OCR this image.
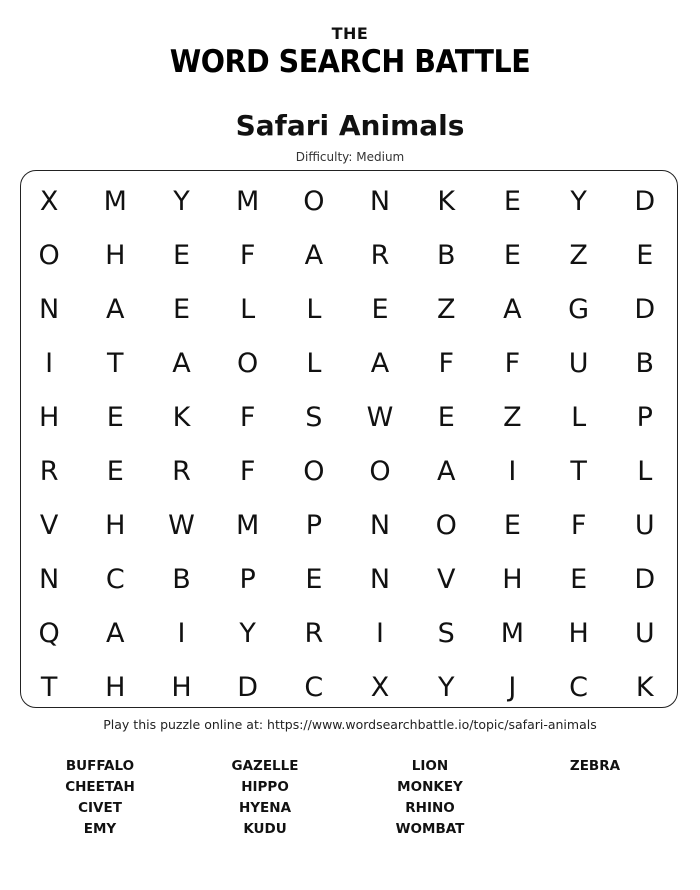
THE
WORD SEARCH BATTLE
Safari Animals
Difficulty: Medium
X	M	Y	M	O	N	K	E	Y	D
O	H	E	F	A	R	B	E	Z	E
N	A	E	L	L	E	Z	A	G	D
I	T	A	O	L	A	F	F	U	B
H	E	K	F	S	W	E	Z	L	P
R	E	R	F	O	O	A	I	T	L
V	H	W	M	P	N	O	E	F	U
N	C	B	P	E	N	V	H	E	D
Q	A	I	Y	R	I	S	M	H	U
T	H	H	D	C	X	Y	J	C	K
Play this puzzle online at: https://www.wordsearchbattle.io/topic/safari-animals
BUFFALO
CHEETAH
CIVET
EMY
GAZELLE
HIPPO
HYENA
KUDU
LION
MONKEY
RHINO
WOMBAT
ZEBRA
